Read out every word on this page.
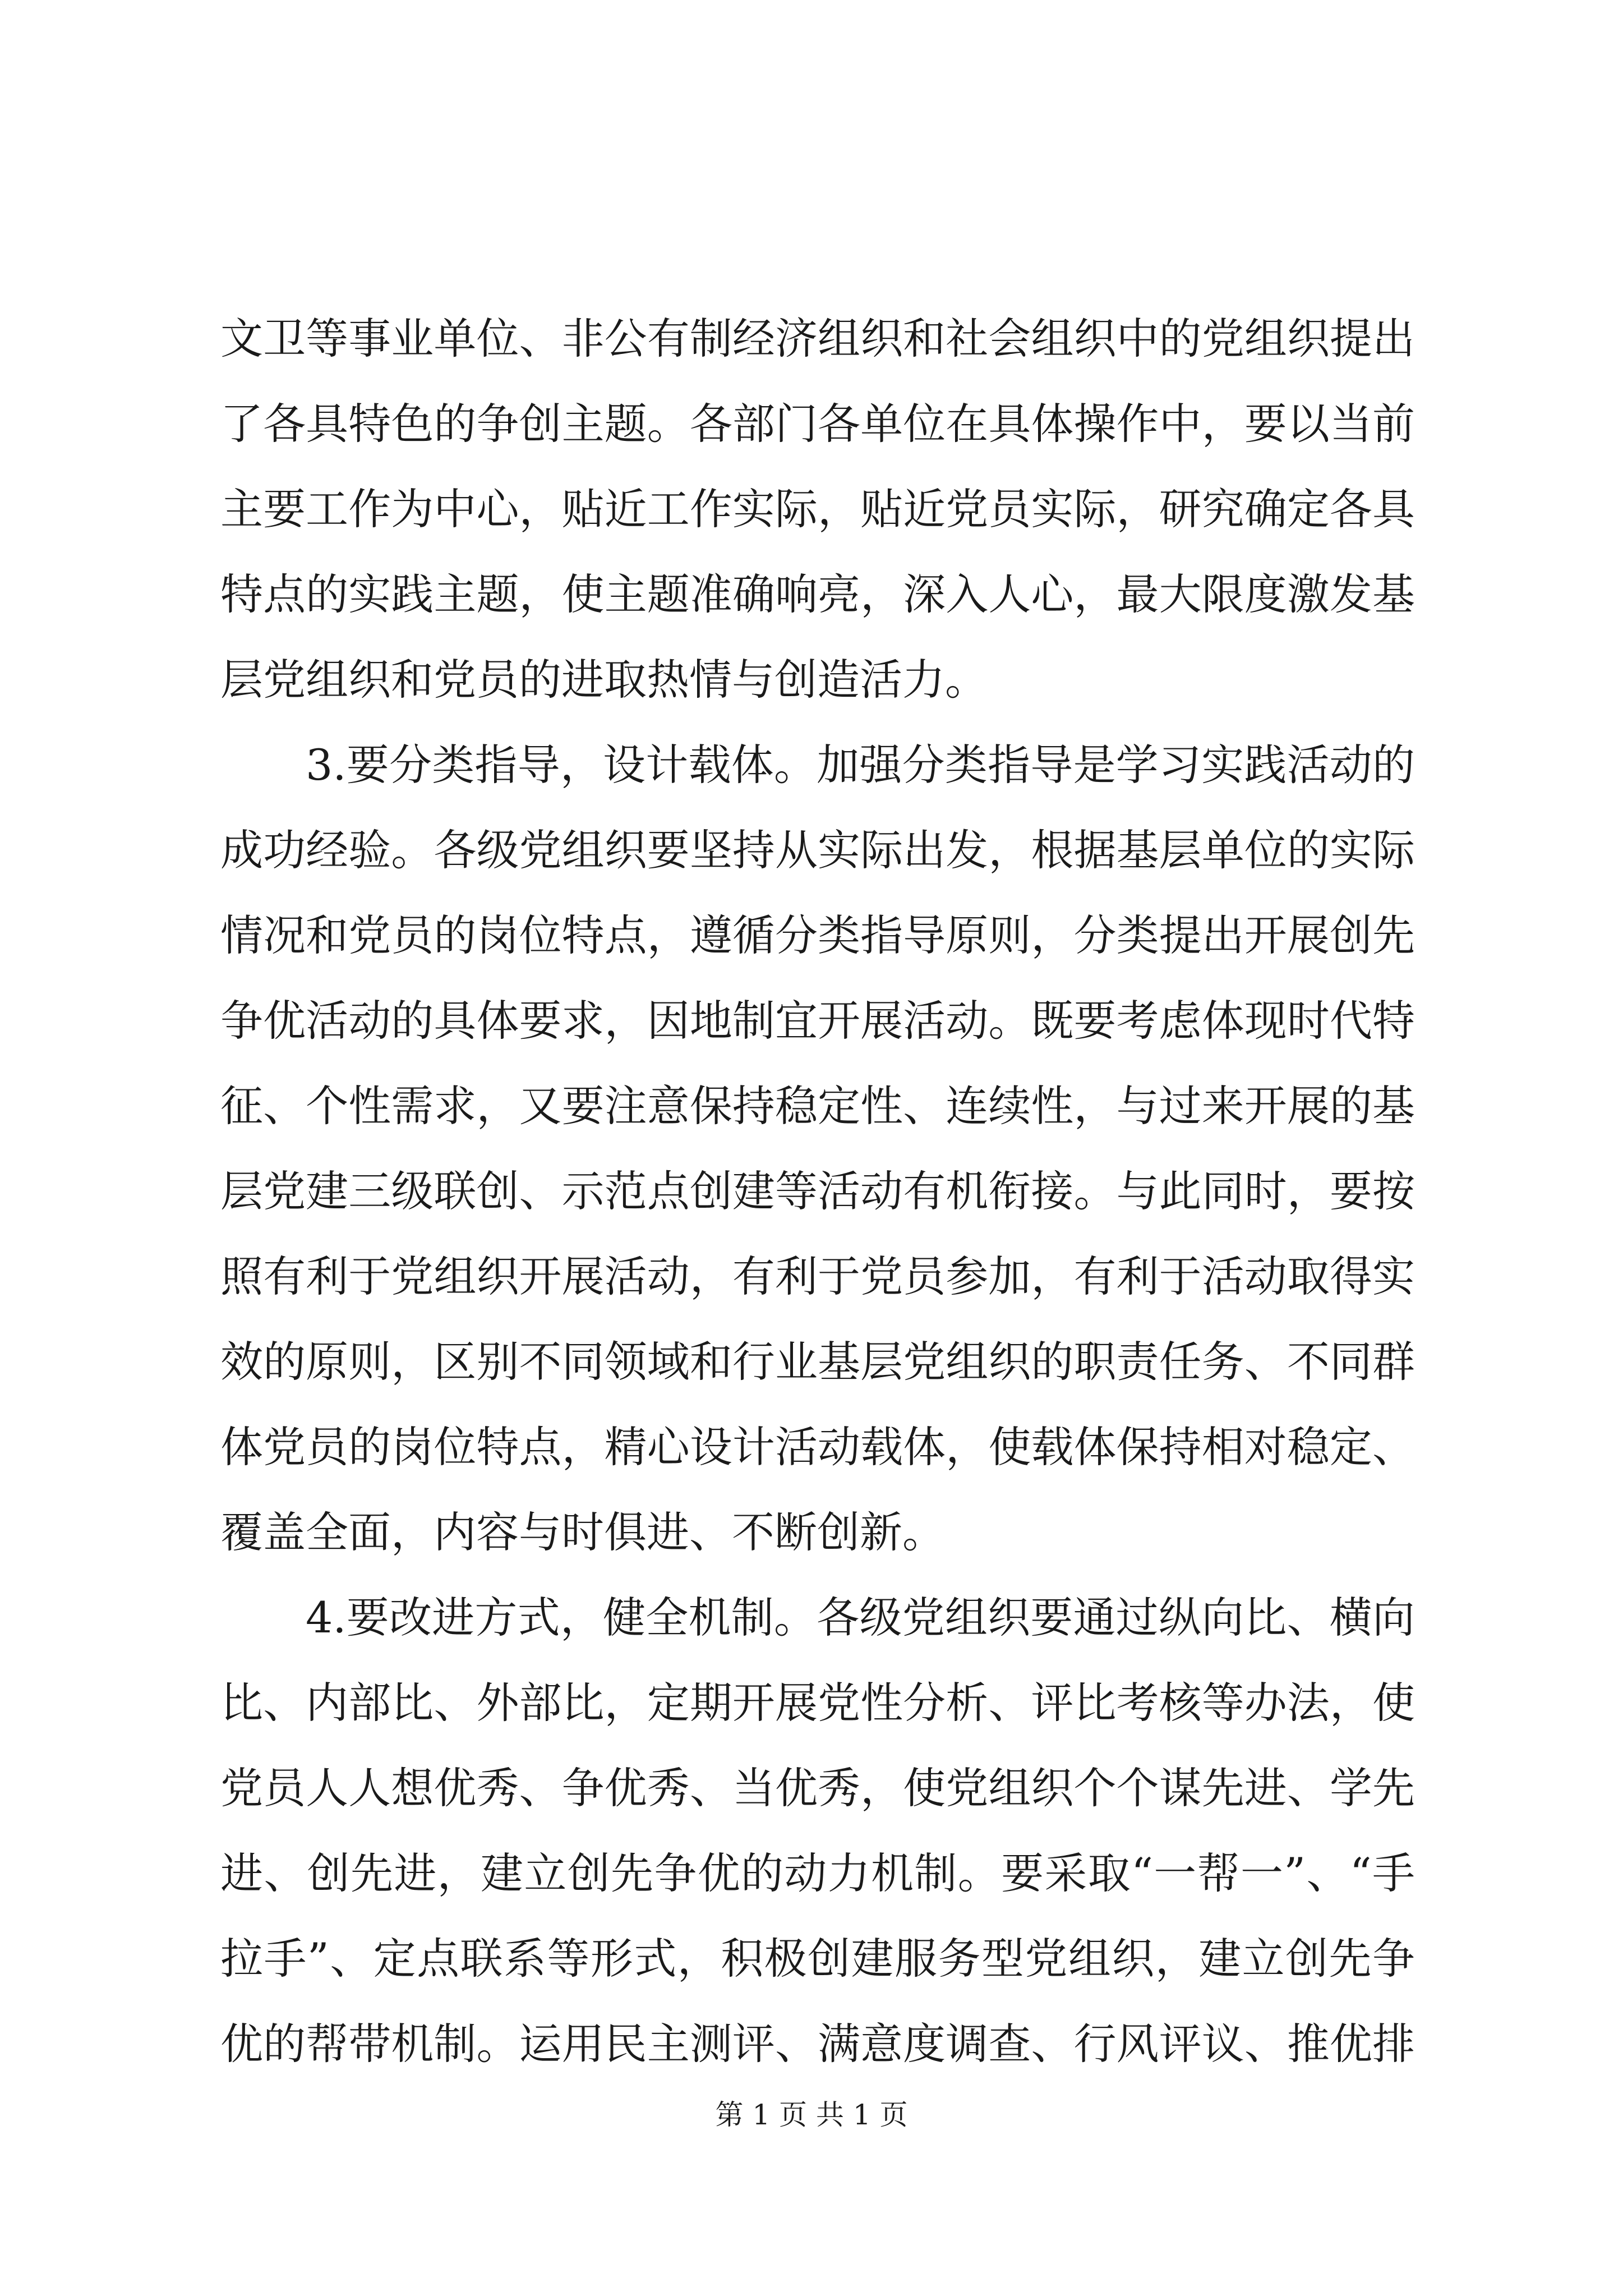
文卫等事业单位、非公有制经济组织和社会组织中的党组织提出
了各具特色的争创主题。各部门各单位在具体操作中，要以当前
主要工作为中心，贴近工作实际，贴近党员实际，研究确定各具
特点的实践主题，使主题准确响亮，深入人心，最大限度激发基
层党组织和党员的进取热情与创造活力。
3.要分类指导，设计载体。加强分类指导是学习实践活动的
成功经验。各级党组织要坚持从实际出发，根据基层单位的实际
情况和党员的岗位特点，遵循分类指导原则，分类提出开展创先
争优活动的具体要求，因地制宜开展活动。既要考虑体现时代特
征、个性需求，又要注意保持稳定性、连续性，与过来开展的基
层党建三级联创、示范点创建等活动有机衔接。与此同时，要按
照有利于党组织开展活动，有利于党员参加，有利于活动取得实
效的原则，区别不同领域和行业基层党组织的职责任务、不同群
体党员的岗位特点，精心设计活动载体，使载体保持相对稳定、
覆盖全面，内容与时俱进、不断创新。
4.要改进方式，健全机制。各级党组织要通过纵向比、横向
比、内部比、外部比，定期开展党性分析、评比考核等办法，使
党员人人想优秀、争优秀、当优秀，使党组织个个谋先进、学先
进、创先进，建立创先争优的动力机制。要采取“一帮一”、“手
拉手”、定点联系等形式，积极创建服务型党组织，建立创先争
优的帮带机制。运用民主测评、满意度调查、行风评议、推优排
第 1 页 共 1 页
